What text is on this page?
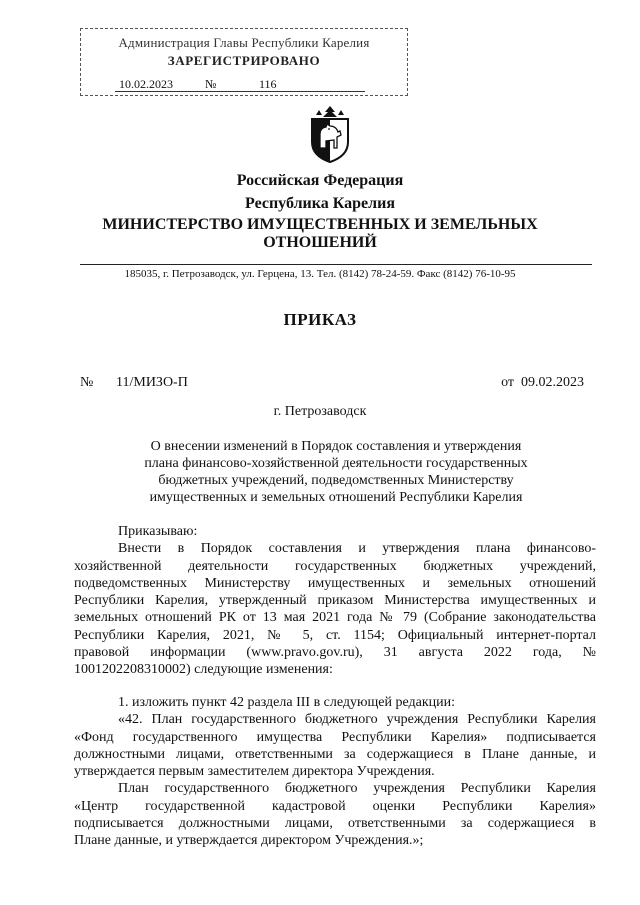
Администрация Главы Республики Карелия
ЗАРЕГИСТРИРОВАНО
10.02.2023	№	116
Российская Федерация
Республика Карелия
МИНИСТЕРСТВО ИМУЩЕСТВЕННЫХ И ЗЕМЕЛЬНЫХ
ОТНОШЕНИЙ
185035, г. Петрозаводск, ул. Герцена, 13. Тел. (8142) 78-24-59. Факс (8142) 76-10-95
ПРИКАЗ
№ 11/МИЗО-П	от  09.02.2023
г. Петрозаводск
О внесении изменений в Порядок составления и утверждения
плана финансово-хозяйственной деятельности государственных
бюджетных учреждений, подведомственных Министерству
имущественных и земельных отношений Республики Карелия
Приказываю:
Внести в Порядок составления и утверждения плана финансово-
хозяйственной деятельности государственных бюджетных учреждений,
подведомственных Министерству имущественных и земельных отношений
Республики Карелия, утвержденный приказом Министерства имущественных и
земельных отношений РК от 13 мая 2021 года № 79 (Собрание законодательства
Республики Карелия, 2021, № 5, ст. 1154; Официальный интернет-портал
правовой информации (www.pravo.gov.ru), 31 августа 2022 года, №
1001202208310002) следующие изменения:
1. изложить пункт 42 раздела III в следующей редакции:
«42. План государственного бюджетного учреждения Республики Карелия
«Фонд государственного имущества Республики Карелия» подписывается
должностными лицами, ответственными за содержащиеся в Плане данные, и
утверждается первым заместителем директора Учреждения.
План государственного бюджетного учреждения Республики Карелия
«Центр государственной кадастровой оценки Республики Карелия»
подписывается должностными лицами, ответственными за содержащиеся в
Плане данные, и утверждается директором Учреждения.»;
